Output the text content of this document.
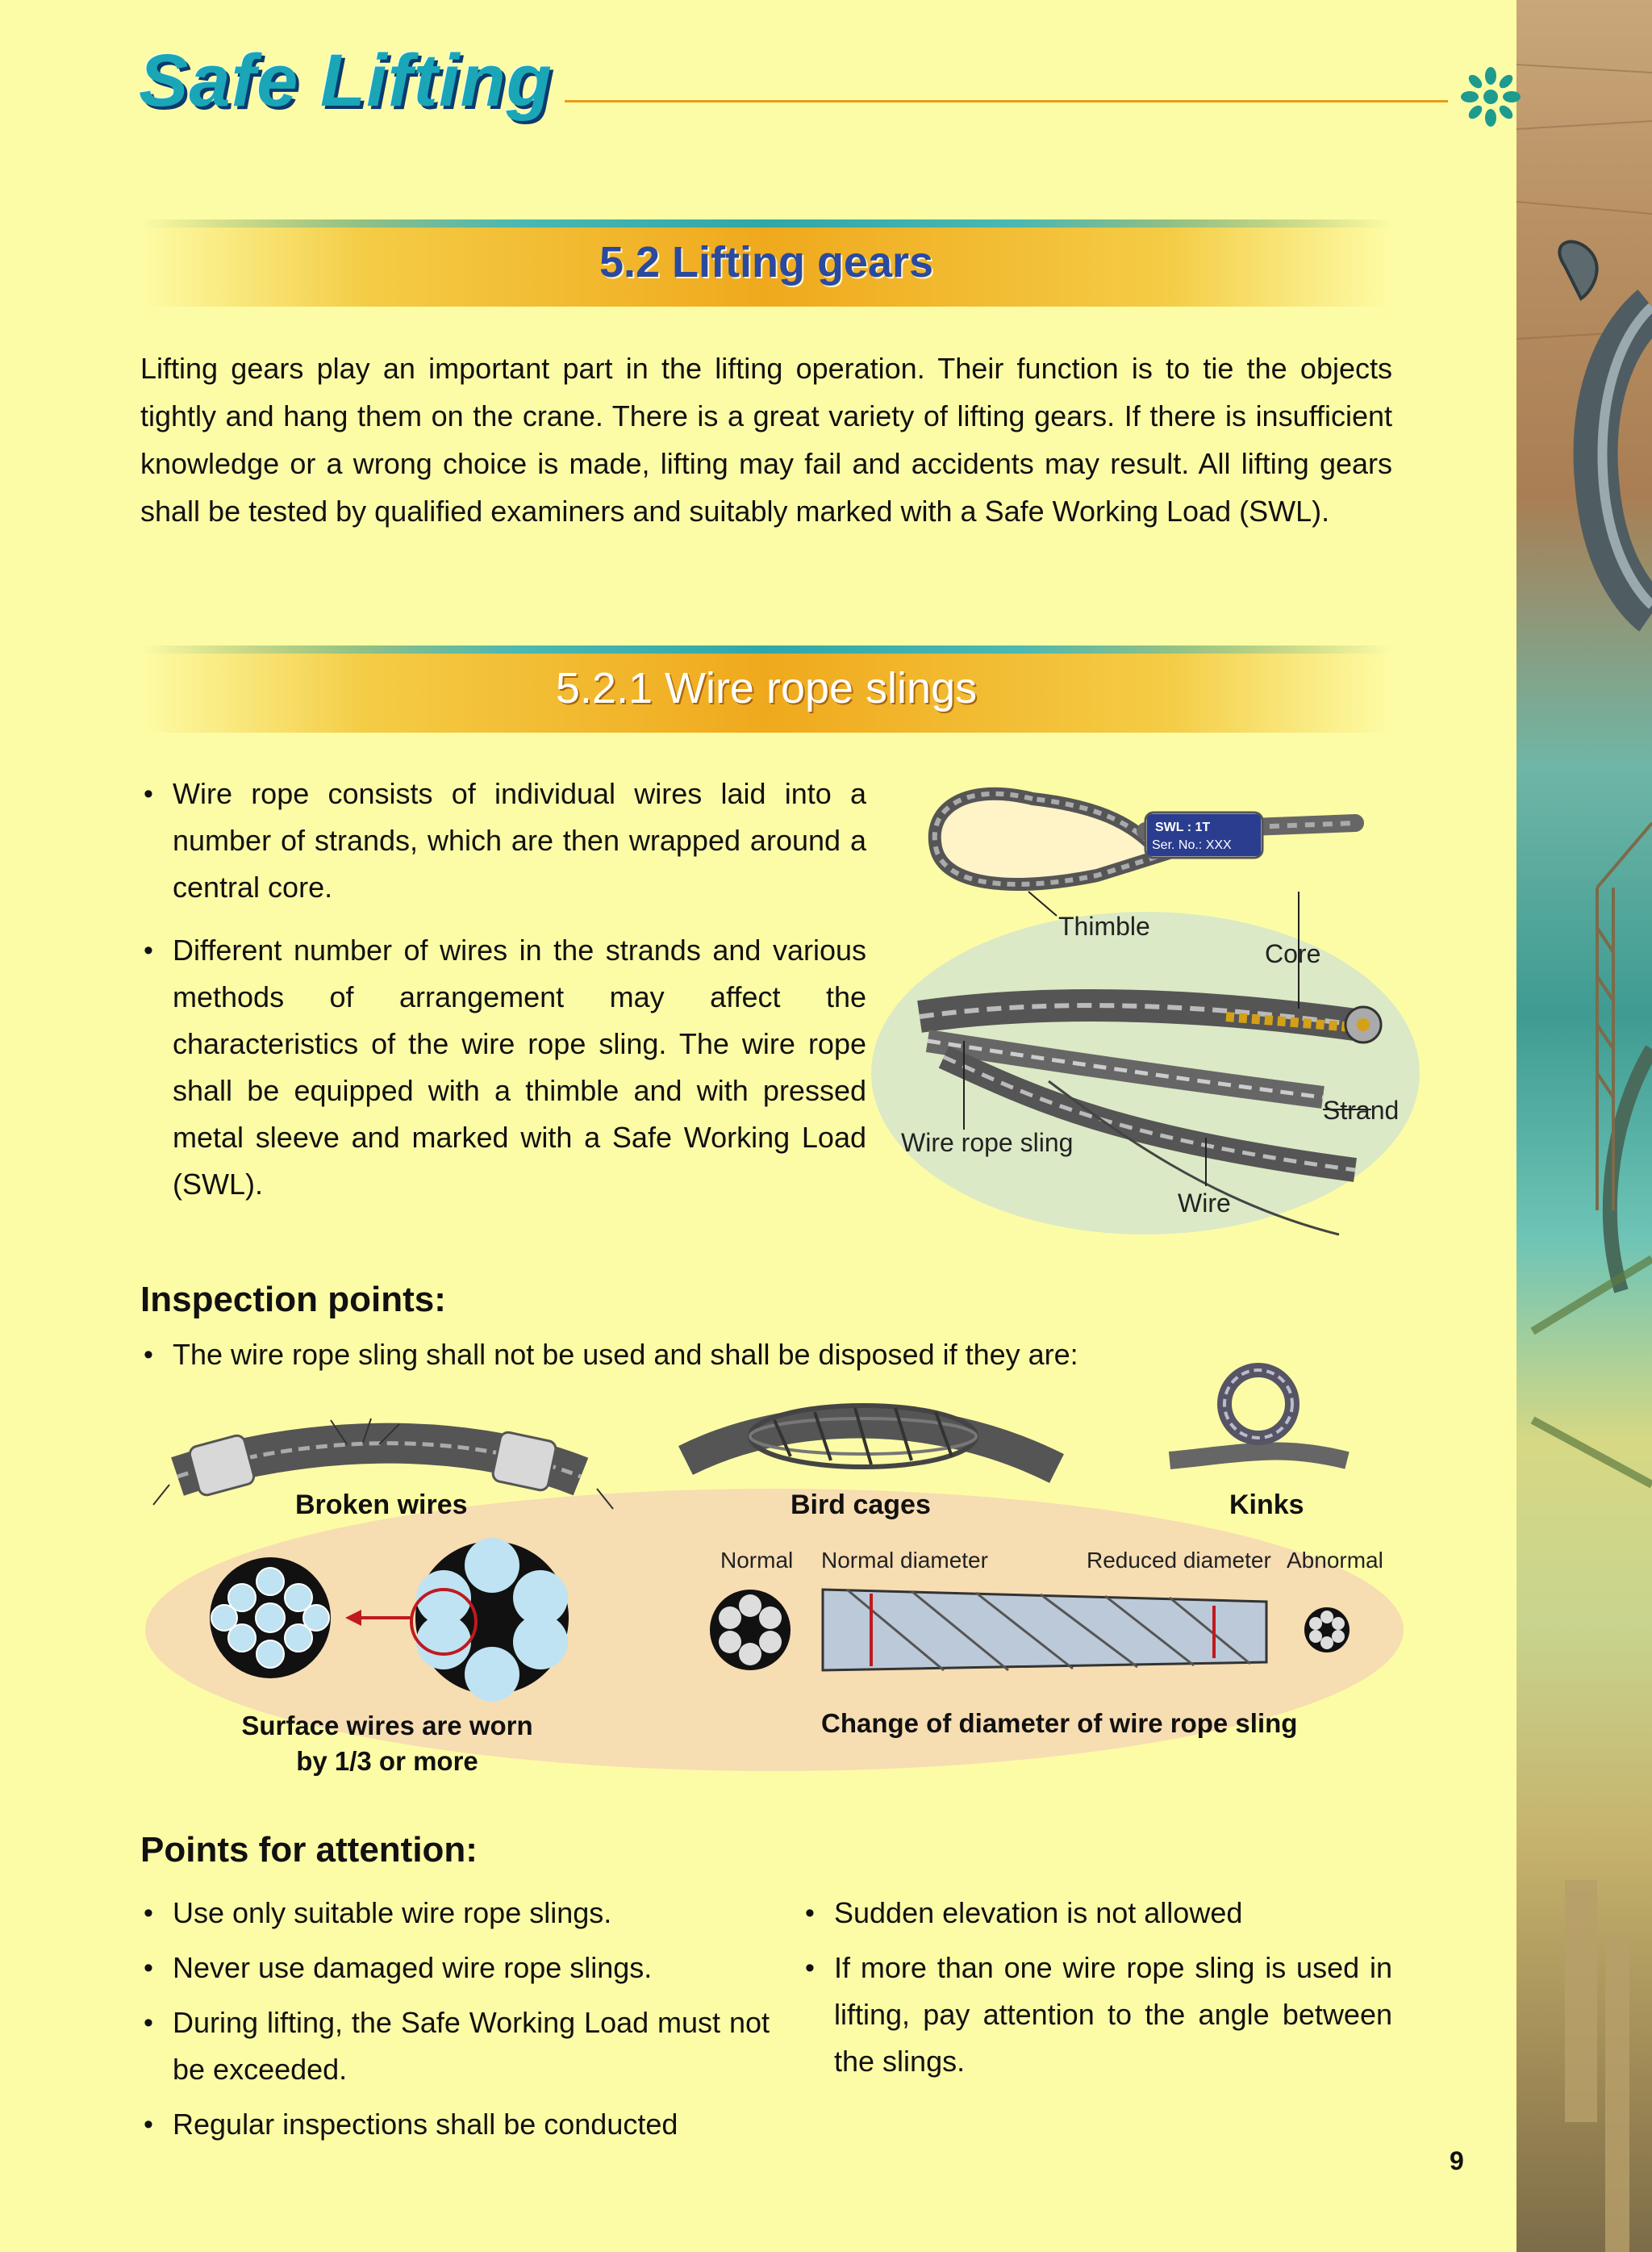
Safe Lifting
5.2 Lifting gears
Lifting gears play an important part in the lifting operation. Their function is to tie the objects tightly and hang them on the crane. There is a great variety of lifting gears. If there is insufficient knowledge or a wrong choice is made, lifting may fail and accidents may result. All lifting gears shall be tested by qualified examiners and suitably marked with a Safe Working Load (SWL).
5.2.1 Wire rope slings
• Wire rope consists of individual wires laid into a number of strands, which are then wrapped around a central core.
• Different number of wires in the strands and various methods of arrangement may affect the characteristics of the wire rope sling. The wire rope shall be equipped with a thimble and with pressed metal sleeve and marked with a Safe Working Load (SWL).
SWL : 1T
Ser. No.: XXX
Thimble
Core
Strand
Wire rope sling
Wire
Inspection points:
• The wire rope sling shall not be used and shall be disposed if they are:
Broken wires	Bird cages	Kinks
Normal Normal diameter	Reduced diameter Abnormal
Surface wires are worn
by 1/3 or more
Change of diameter of wire rope sling
Points for attention:
• Use only suitable wire rope slings.
• Never use damaged wire rope slings.
• During lifting, the Safe Working Load must not be exceeded.
• Regular inspections shall be conducted
• Sudden elevation is not allowed
• If more than one wire rope sling is used in lifting, pay attention to the angle between the slings.
9
